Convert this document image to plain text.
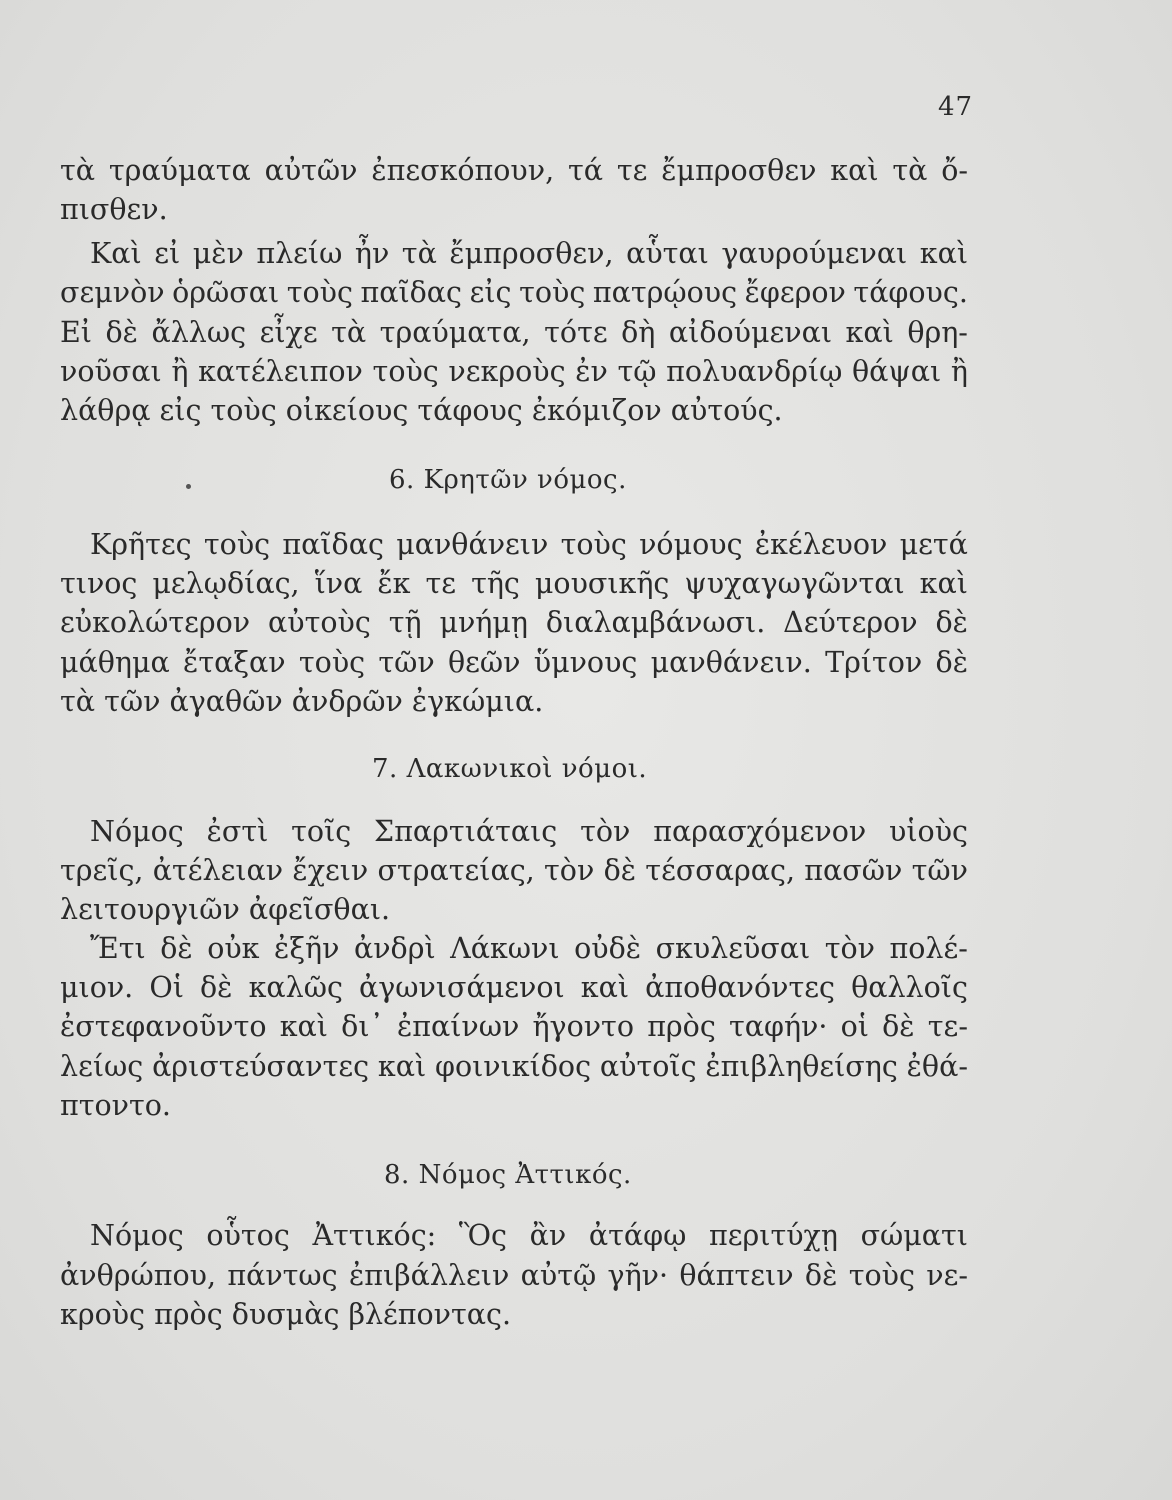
47
τὰ τραύματα αὐτῶν ἐπεσκόπουν, τά τε ἔμπροσθεν καὶ τὰ ὄ-
πισθεν.
Καὶ εἰ μὲν πλείω ἦν τὰ ἔμπροσθεν, αὗται γαυρούμεναι καὶ
σεμνὸν ὁρῶσαι τοὺς παῖδας εἰς τοὺς πατρῴους ἔφερον τάφους.
Εἰ δὲ ἄλλως εἶχε τὰ τραύματα, τότε δὴ αἰδούμεναι καὶ θρη-
νοῦσαι ἢ κατέλειπον τοὺς νεκροὺς ἐν τῷ πολυανδρίῳ θάψαι ἢ
λάθρᾳ εἰς τοὺς οἰκείους τάφους ἐκόμιζον αὐτούς.
6. Κρητῶν νόμος.
Κρῆτες τοὺς παῖδας μανθάνειν τοὺς νόμους ἐκέλευον μετά
τινος μελῳδίας, ἵνα ἔκ τε τῆς μουσικῆς ψυχαγωγῶνται καὶ
εὐκολώτερον αὐτοὺς τῇ μνήμῃ διαλαμβάνωσι. Δεύτερον δὲ
μάθημα ἔταξαν τοὺς τῶν θεῶν ὕμνους μανθάνειν. Τρίτον δὲ
τὰ τῶν ἀγαθῶν ἀνδρῶν ἐγκώμια.
7. Λακωνικοὶ νόμοι.
Νόμος ἐστὶ τοῖς Σπαρτιάταις τὸν παρασχόμενον υἱοὺς
τρεῖς, ἀτέλειαν ἔχειν στρατείας, τὸν δὲ τέσσαρας, πασῶν τῶν
λειτουργιῶν ἀφεῖσθαι.
Ἔτι δὲ οὐκ ἐξῆν ἀνδρὶ Λάκωνι οὐδὲ σκυλεῦσαι τὸν πολέ-
μιον. Οἱ δὲ καλῶς ἀγωνισάμενοι καὶ ἀποθανόντες θαλλοῖς
ἐστεφανοῦντο καὶ δι᾿ ἐπαίνων ἤγοντο πρὸς ταφήν· οἱ δὲ τε-
λείως ἀριστεύσαντες καὶ φοινικίδος αὐτοῖς ἐπιβληθείσης ἐθά-
πτοντο.
8. Νόμος Ἀττικός.
Νόμος οὗτος Ἀττικός: Ὃς ἂν ἀτάφῳ περιτύχῃ σώματι
ἀνθρώπου, πάντως ἐπιβάλλειν αὐτῷ γῆν· θάπτειν δὲ τοὺς νε-
κροὺς πρὸς δυσμὰς βλέποντας.
